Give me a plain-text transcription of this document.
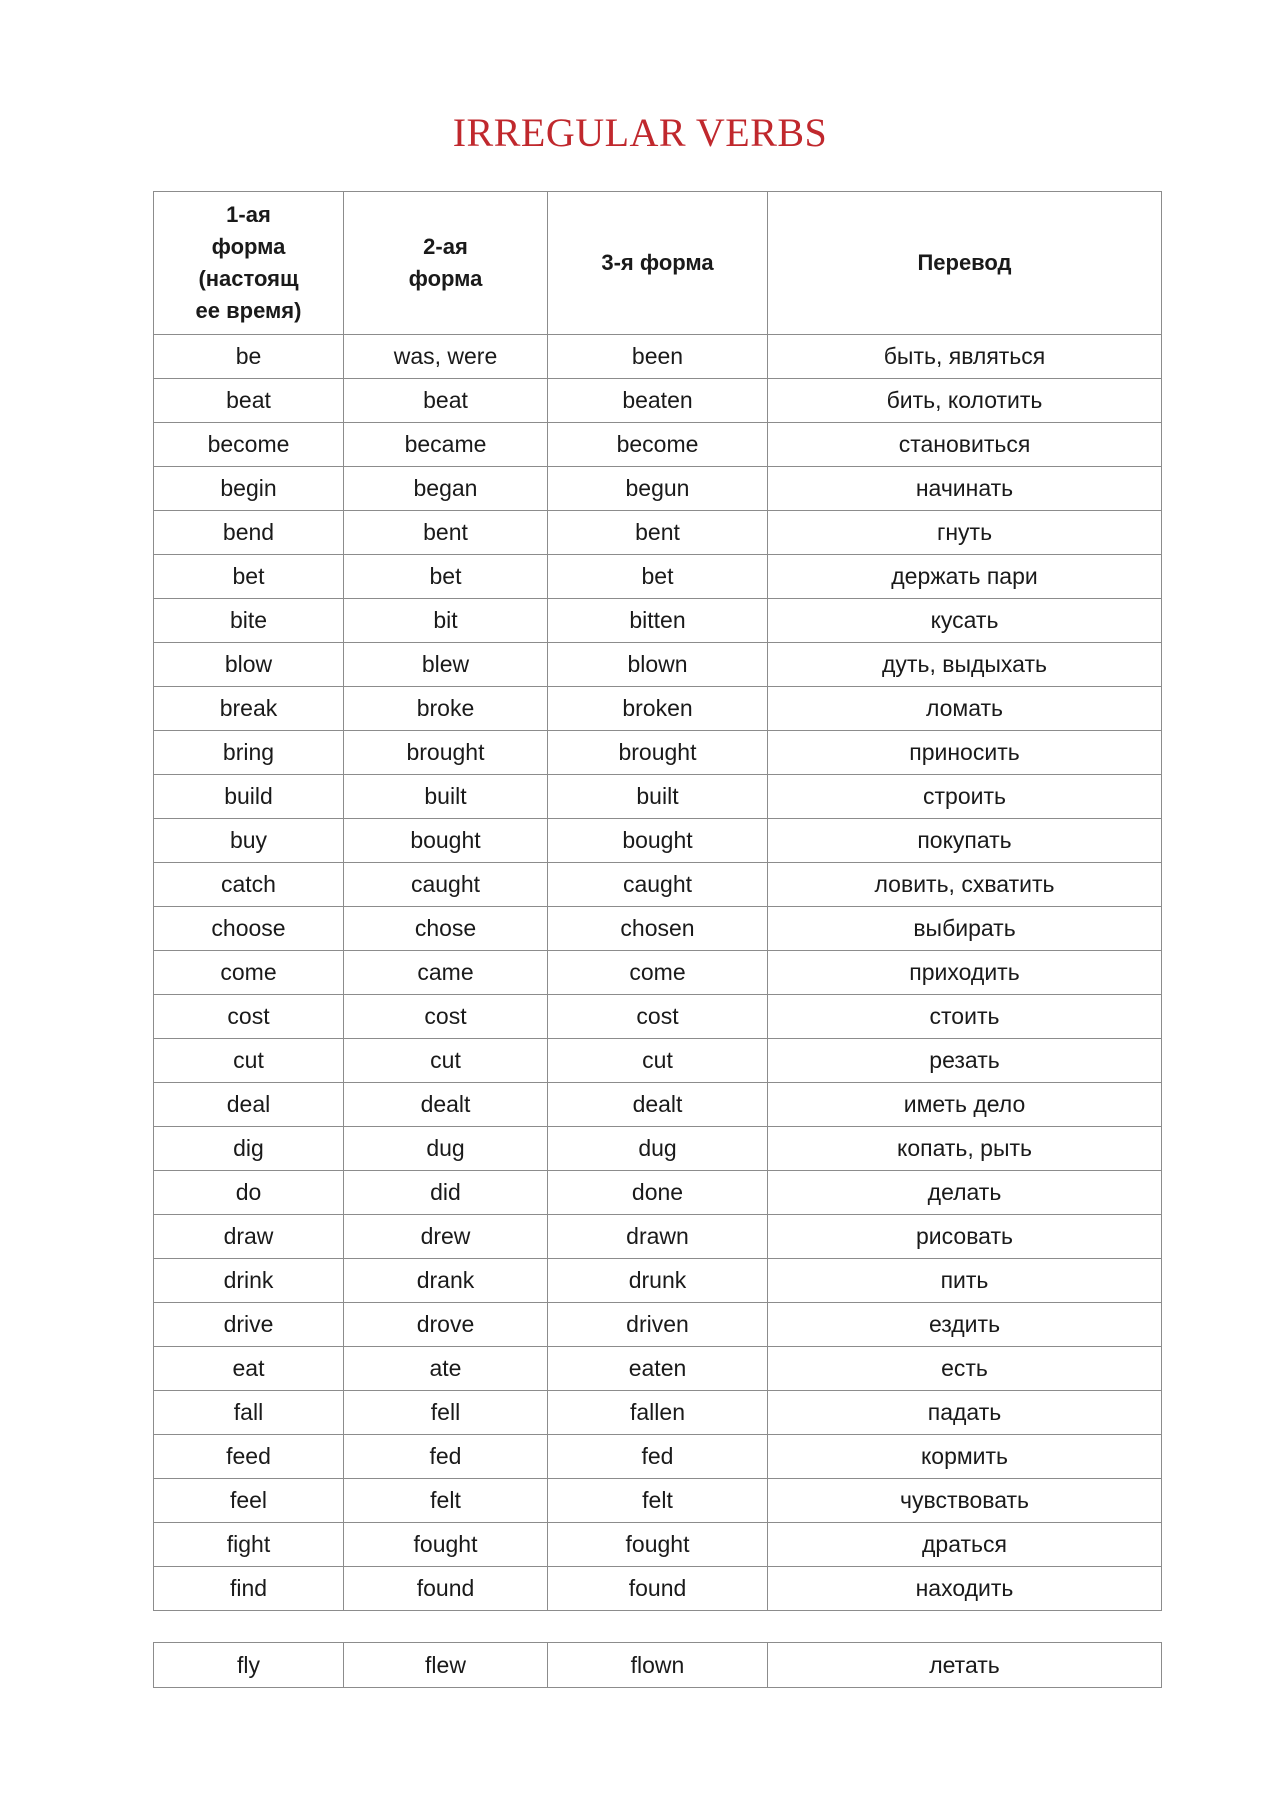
IRREGULAR VERBS
1-ая
форма
(настоящ
ее время)	2-ая
форма	3-я форма	Перевод
be	was, were	been	быть, являться
beat	beat	beaten	бить, колотить
become	became	become	становиться
begin	began	begun	начинать
bend	bent	bent	гнуть
bet	bet	bet	держать пари
bite	bit	bitten	кусать
blow	blew	blown	дуть, выдыхать
break	broke	broken	ломать
bring	brought	brought	приносить
build	built	built	строить
buy	bought	bought	покупать
catch	caught	caught	ловить, схватить
choose	chose	chosen	выбирать
come	came	come	приходить
cost	cost	cost	стоить
cut	cut	cut	резать
deal	dealt	dealt	иметь дело
dig	dug	dug	копать, рыть
do	did	done	делать
draw	drew	drawn	рисовать
drink	drank	drunk	пить
drive	drove	driven	ездить
eat	ate	eaten	есть
fall	fell	fallen	падать
feed	fed	fed	кормить
feel	felt	felt	чувствовать
fight	fought	fought	драться
find	found	found	находить
fly	flew	flown	летать
